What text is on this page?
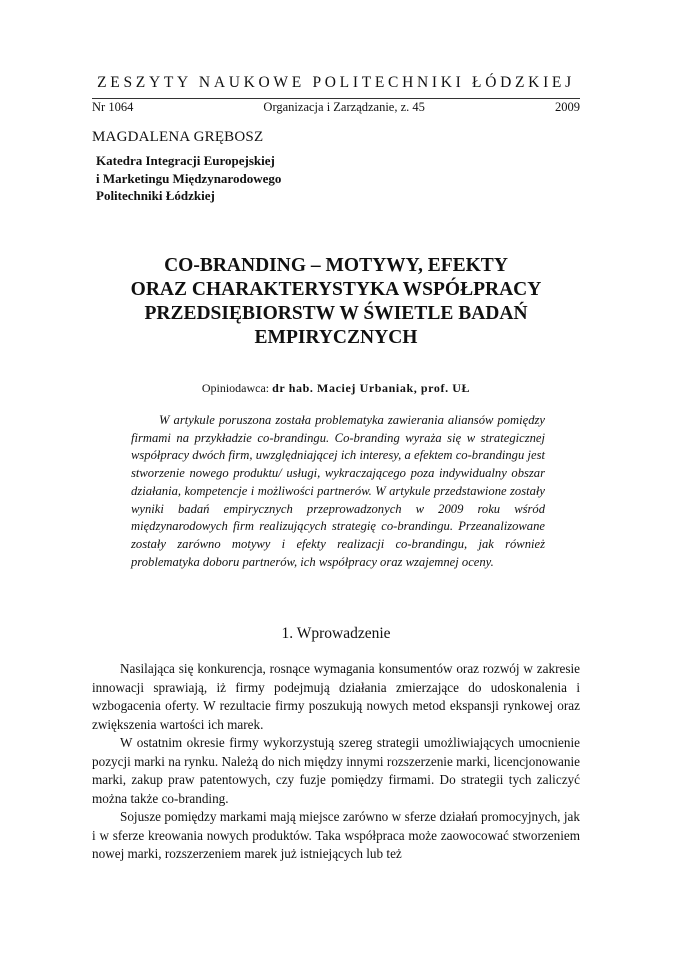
ZESZYTY NAUKOWE POLITECHNIKI ŁÓDZKIEJ
Nr 1064	Organizacja i Zarządzanie, z. 45	2009
MAGDALENA GRĘBOSZ
Katedra Integracji Europejskiej
i Marketingu Międzynarodowego
Politechniki Łódzkiej
CO-BRANDING – MOTYWY, EFEKTY
ORAZ CHARAKTERYSTYKA WSPÓŁPRACY
PRZEDSIĘBIORSTW W ŚWIETLE BADAŃ
EMPIRYCZNYCH
Opiniodawca: dr hab. Maciej Urbaniak, prof. UŁ

W artykule poruszona została problematyka zawierania aliansów pomiędzy firmami na przykładzie co-brandingu. Co-branding wyraża się w strategicznej współpracy dwóch firm, uwzględniającej ich interesy, a efektem co-brandingu jest stworzenie nowego produktu/ usługi, wykraczającego poza indywidualny obszar działania, kompetencje i możliwości partnerów. W artykule przedstawione zostały wyniki badań empirycznych przeprowadzonych w 2009 roku wśród międzynarodowych firm realizujących strategię co-brandingu. Przeanalizowane zostały zarówno motywy i efekty realizacji co-brandingu, jak również problematyka doboru partnerów, ich współpracy oraz wzajemnej oceny.

1. Wprowadzenie

Nasilająca się konkurencja, rosnące wymagania konsumentów oraz rozwój w zakresie innowacji sprawiają, iż firmy podejmują działania zmierzające do udoskonalenia i wzbogacenia oferty. W rezultacie firmy poszukują nowych metod ekspansji rynkowej oraz zwiększenia wartości ich marek.

W ostatnim okresie firmy wykorzystują szereg strategii umożliwiających umocnienie pozycji marki na rynku. Należą do nich między innymi rozszerzenie marki, licencjonowanie marki, zakup praw patentowych, czy fuzje pomiędzy firmami. Do strategii tych zaliczyć można także co-branding.

Sojusze pomiędzy markami mają miejsce zarówno w sferze działań promocyjnych, jak i w sferze kreowania nowych produktów. Taka współpraca może zaowocować stworzeniem nowej marki, rozszerzeniem marek już istniejących lub też
